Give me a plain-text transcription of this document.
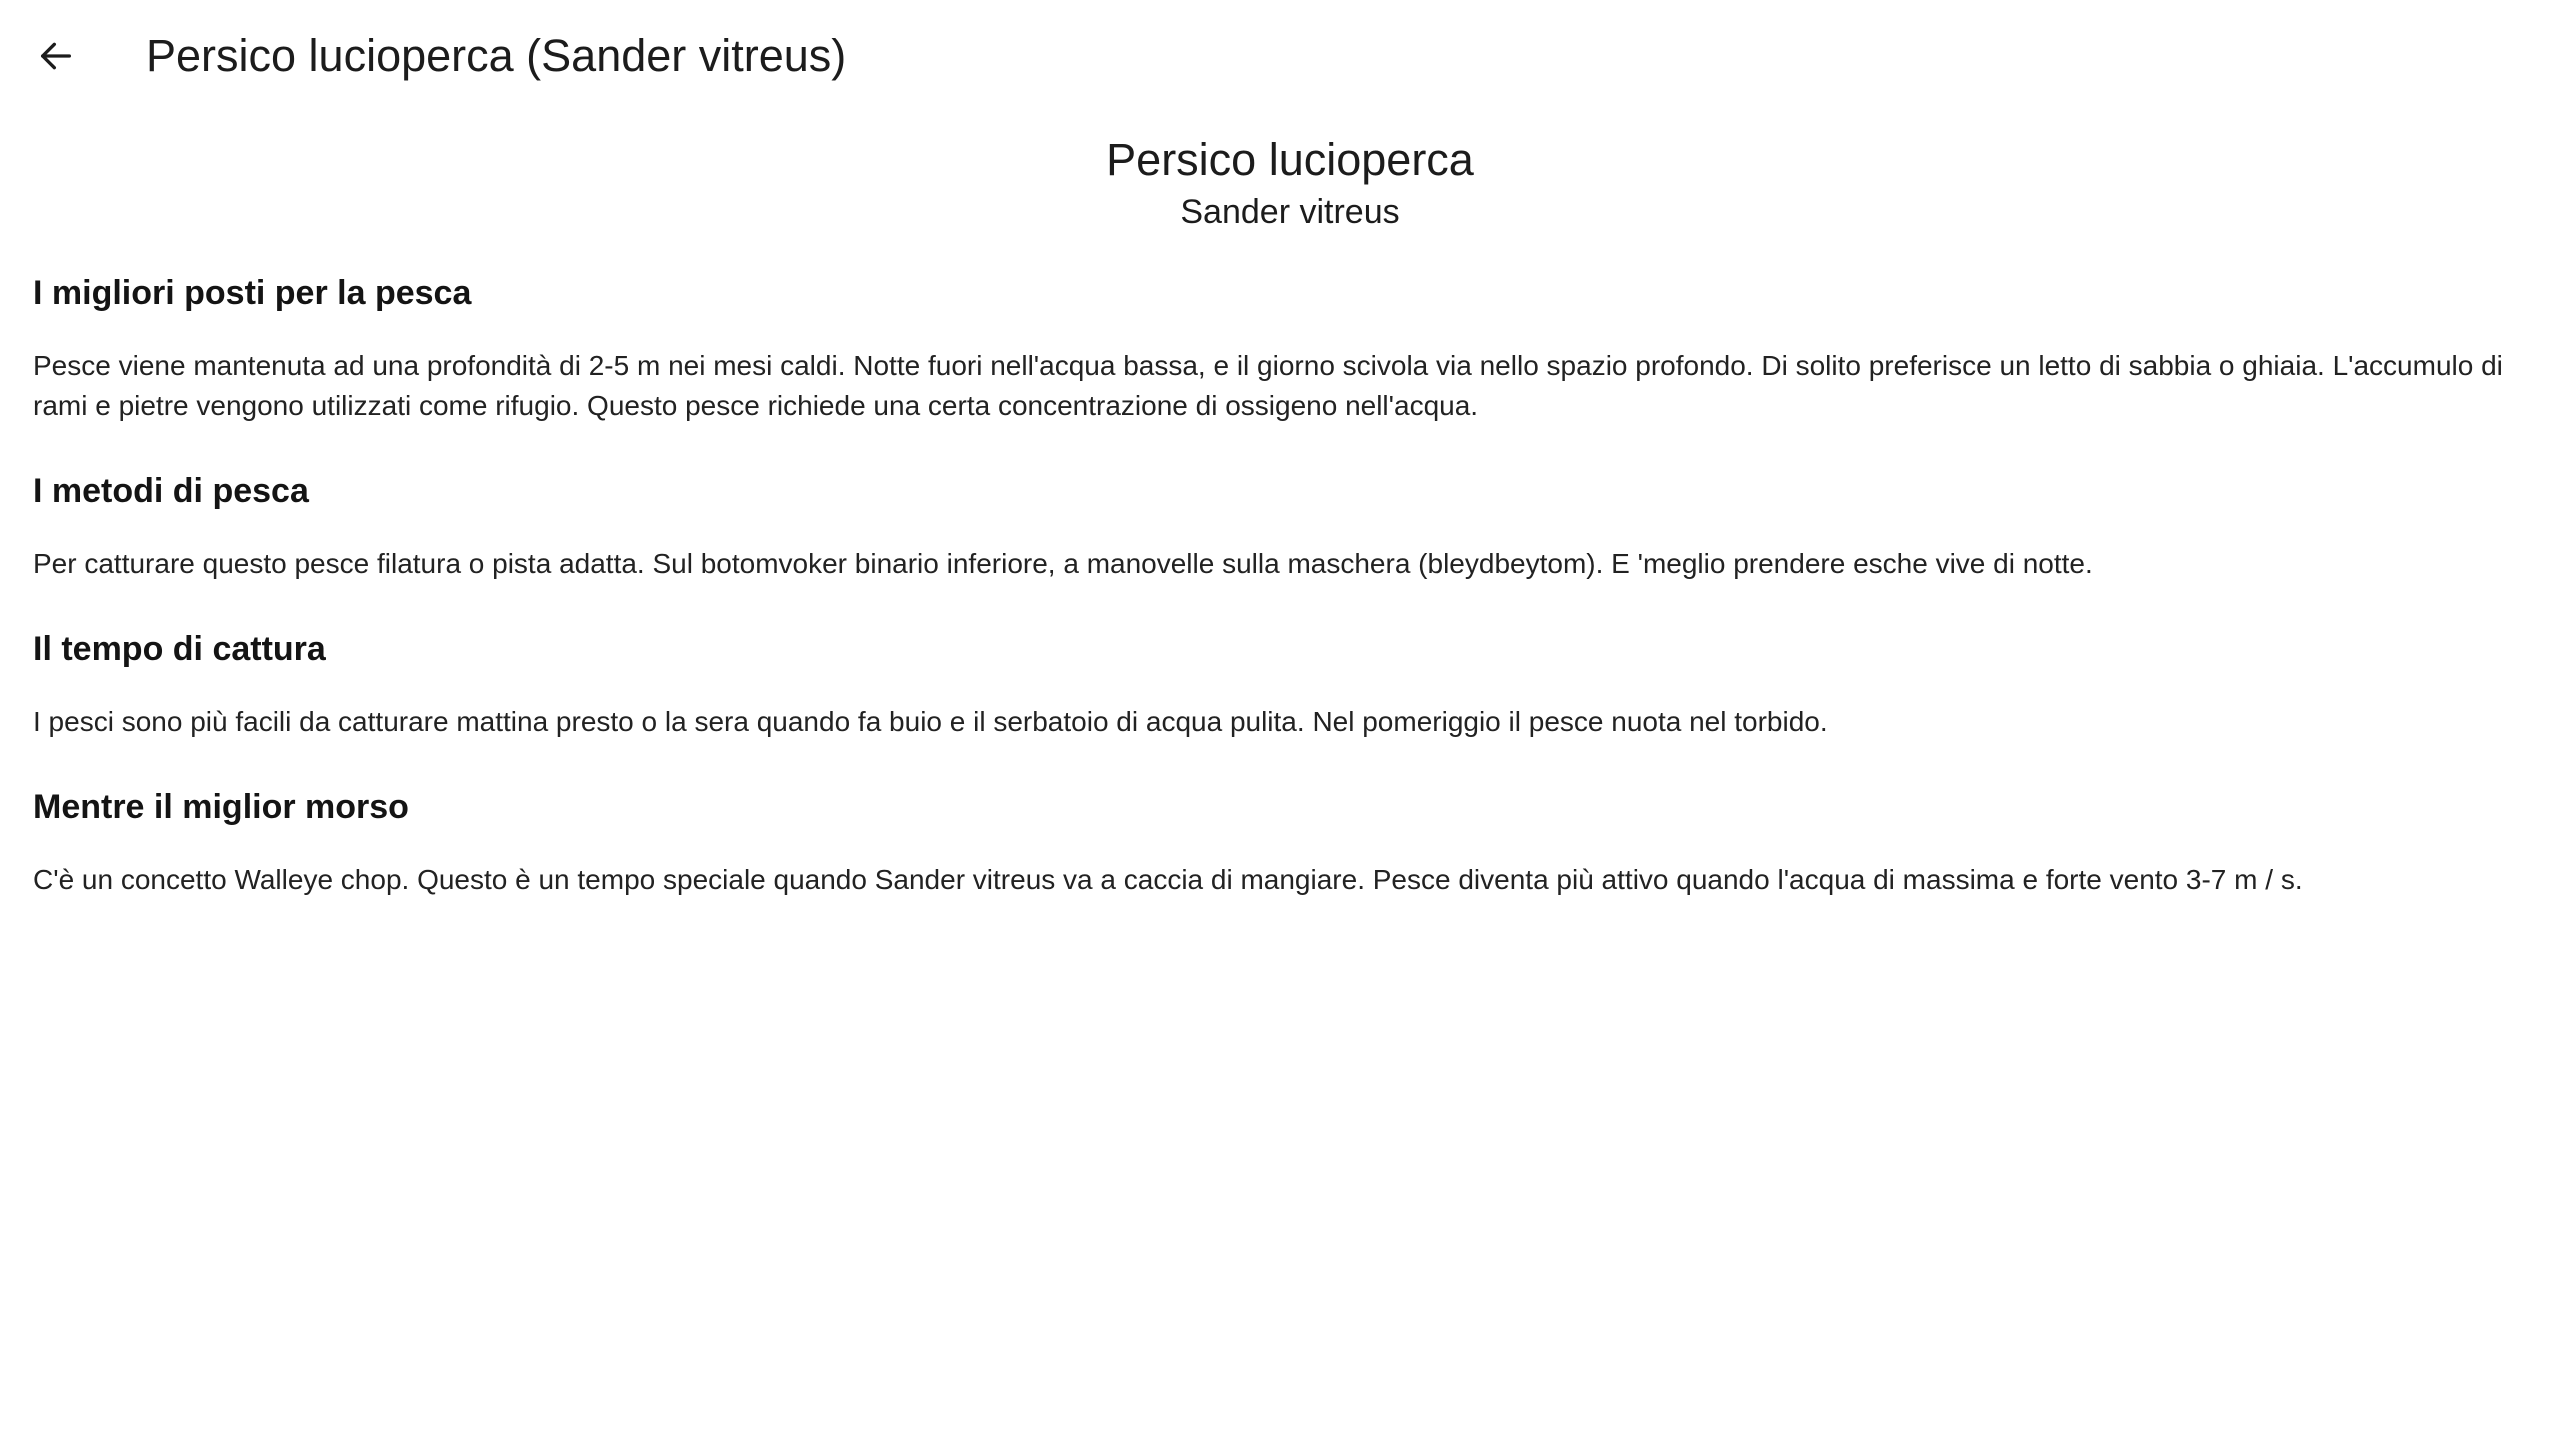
Persico lucioperca (Sander vitreus)
Persico lucioperca
Sander vitreus
I migliori posti per la pesca

Pesce viene mantenuta ad una profondità di 2-5 m nei mesi caldi. Notte fuori nell'acqua bassa, e il giorno scivola via nello spazio profondo. Di solito preferisce un letto di sabbia o ghiaia. L'accumulo di rami e pietre vengono utilizzati come rifugio. Questo pesce richiede una certa concentrazione di ossigeno nell'acqua.

I metodi di pesca

Per catturare questo pesce filatura o pista adatta. Sul botomvoker binario inferiore, a manovelle sulla maschera (bleydbeytom). E 'meglio prendere esche vive di notte.

Il tempo di cattura

I pesci sono più facili da catturare mattina presto o la sera quando fa buio e il serbatoio di acqua pulita. Nel pomeriggio il pesce nuota nel torbido.

Mentre il miglior morso

C'è un concetto Walleye chop. Questo è un tempo speciale quando Sander vitreus va a caccia di mangiare. Pesce diventa più attivo quando l'acqua di massima e forte vento 3-7 m / s.
